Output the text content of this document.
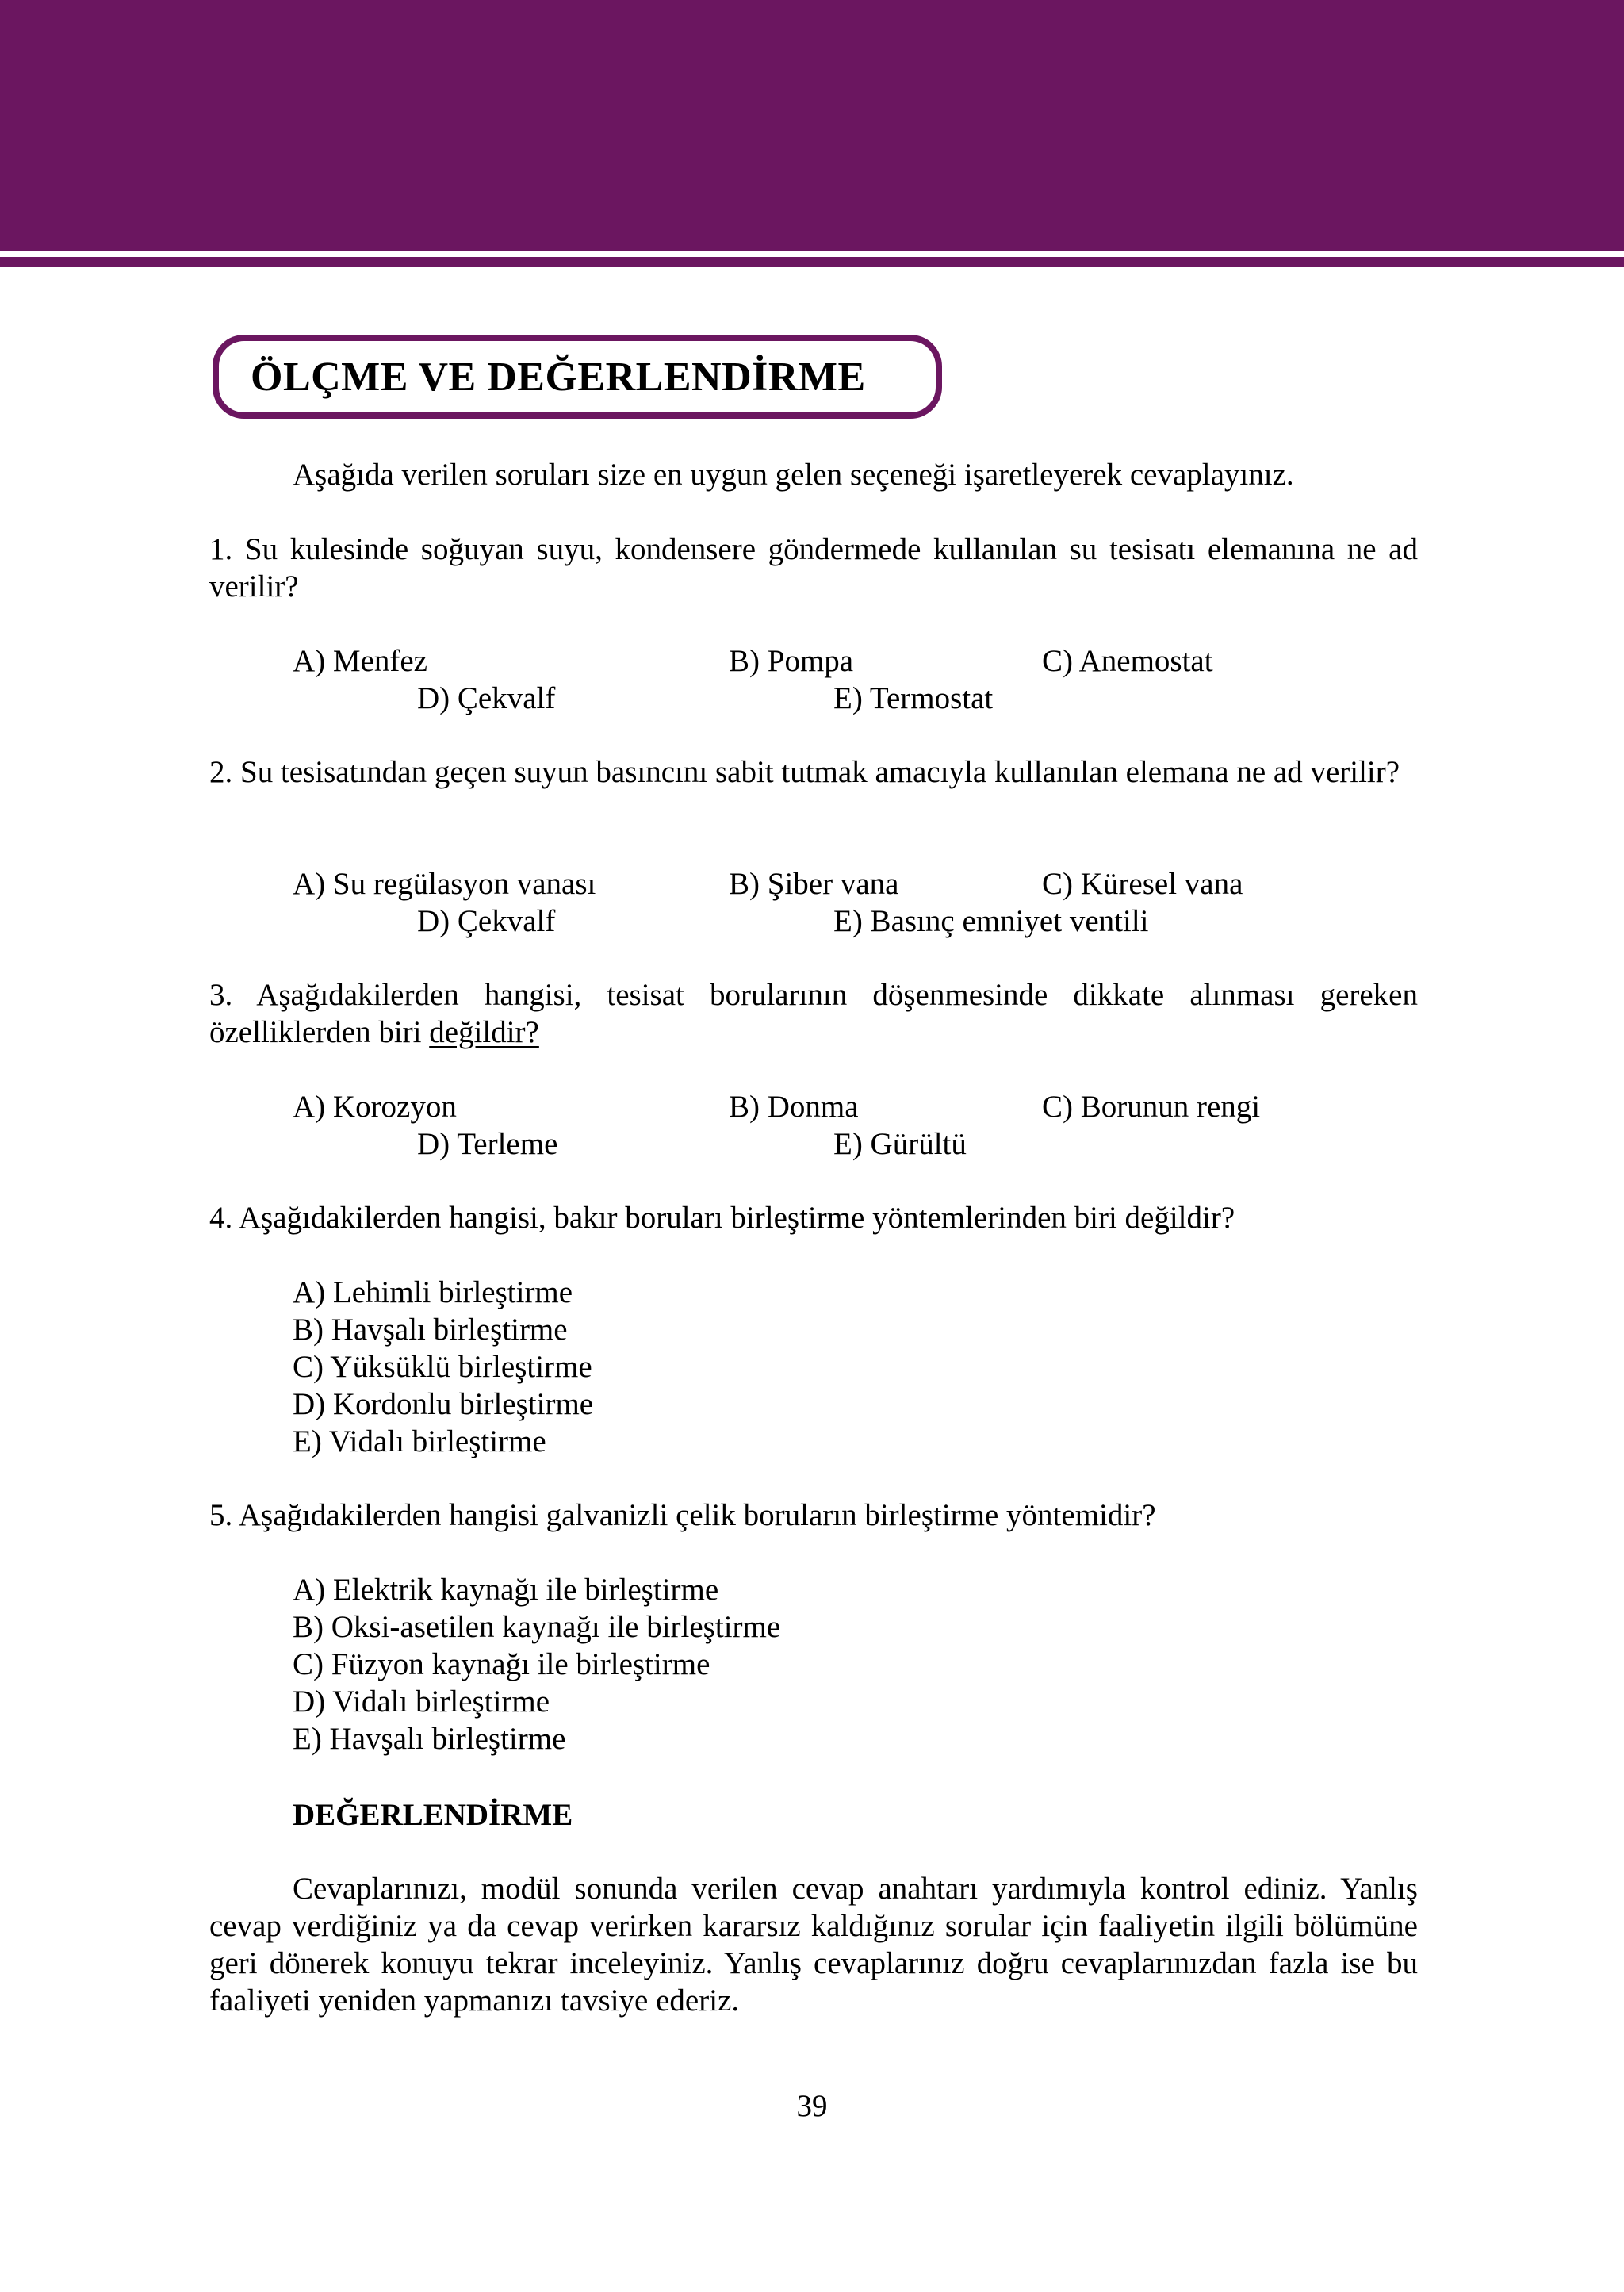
ÖLÇME VE DEĞERLENDİRME
Aşağıda verilen soruları size en uygun gelen seçeneği işaretleyerek cevaplayınız.
1. Su kulesinde soğuyan suyu, kondensere göndermede kullanılan su tesisatı elemanına ne ad verilir?
A) Menfez	B) Pompa	C) Anemostat
D) Çekvalf	E) Termostat
2. Su tesisatından geçen suyun basıncını sabit tutmak amacıyla kullanılan elemana ne ad verilir?
A) Su regülasyon vanası	B) Şiber vana	C) Küresel vana
D) Çekvalf	E) Basınç emniyet ventili
3. Aşağıdakilerden hangisi, tesisat borularının döşenmesinde dikkate alınması gereken özelliklerden biri değildir?
A) Korozyon	B) Donma	C) Borunun rengi
D) Terleme	E) Gürültü
4. Aşağıdakilerden hangisi, bakır boruları birleştirme yöntemlerinden biri değildir?
A) Lehimli birleştirme
B) Havşalı birleştirme
C) Yüksüklü birleştirme
D) Kordonlu birleştirme
E) Vidalı birleştirme
5. Aşağıdakilerden hangisi galvanizli çelik boruların birleştirme yöntemidir?
A) Elektrik kaynağı ile birleştirme
B) Oksi-asetilen kaynağı ile birleştirme
C) Füzyon kaynağı ile birleştirme
D) Vidalı birleştirme
E) Havşalı birleştirme
DEĞERLENDİRME
Cevaplarınızı, modül sonunda verilen cevap anahtarı yardımıyla kontrol ediniz. Yanlış cevap verdiğiniz ya da cevap verirken kararsız kaldığınız sorular için faaliyetin ilgili bölümüne geri dönerek konuyu tekrar inceleyiniz. Yanlış cevaplarınız doğru cevaplarınızdan fazla ise bu faaliyeti yeniden yapmanızı tavsiye ederiz.
39
